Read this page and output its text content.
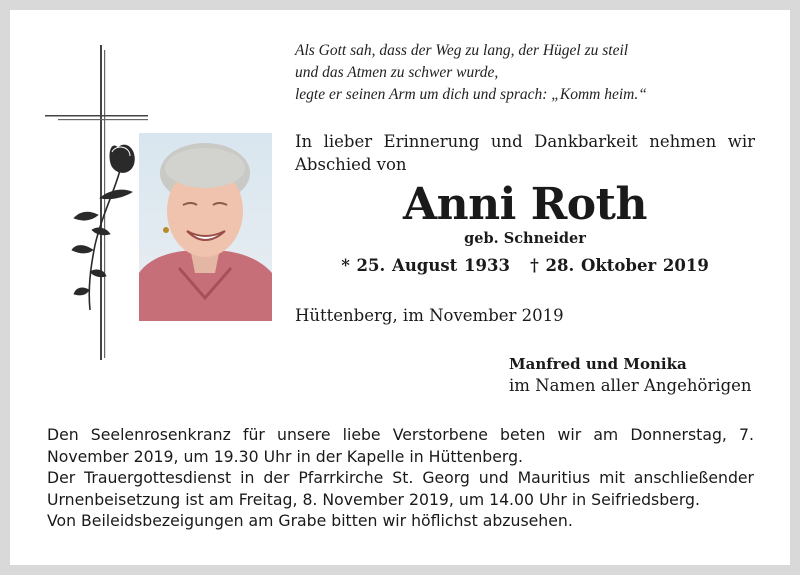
Als Gott sah, dass der Weg zu lang, der Hügel zu steil
und das Atmen zu schwer wurde,
legte er seinen Arm um dich und sprach: „Komm heim.“
In lieber Erinnerung und Dankbarkeit nehmen wir Abschied von
Anni Roth
geb. Schneider
* 25. August 1933 † 28. Oktober 2019
Hüttenberg, im November 2019
Manfred und Monika
im Namen aller Angehörigen

Den Seelenrosenkranz für unsere liebe Verstorbene beten wir am Donnerstag, 7. November 2019, um 19.30 Uhr in der Kapelle in Hüttenberg.

Der Trauergottesdienst in der Pfarrkirche St. Georg und Mauritius mit anschließender Urnenbeisetzung ist am Freitag, 8. November 2019, um 14.00 Uhr in Seifriedsberg.

Von Beileidsbezeigungen am Grabe bitten wir höflichst abzusehen.
